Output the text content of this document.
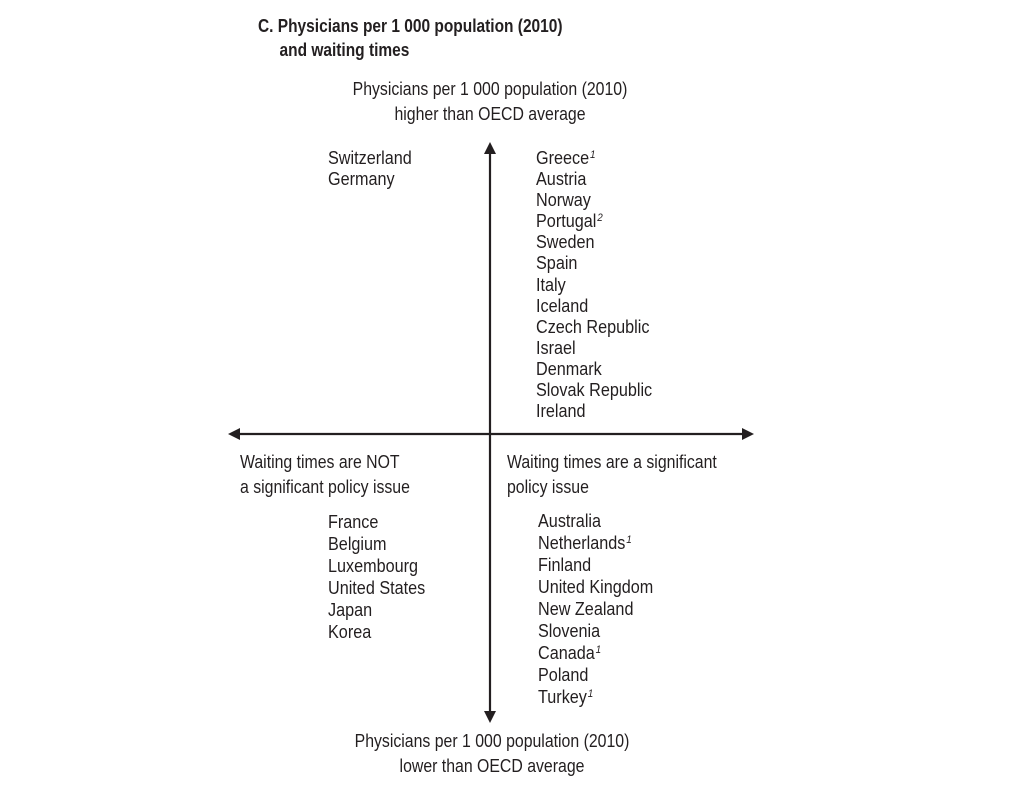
C. Physicians per 1 000 population (2010)
and waiting times
Physicians per 1 000 population (2010)
higher than OECD average
Physicians per 1 000 population (2010)
lower than OECD average
Waiting times are NOT
a significant policy issue
Waiting times are a significant
policy issue
Switzerland
Germany
Greece$^1$
Austria
Norway
Portugal$^2$
Sweden
Spain
Italy
Iceland
Czech Republic
Israel
Denmark
Slovak Republic
Ireland
France
Belgium
Luxembourg
United States
Japan
Korea
Australia
Netherlands$^1$
Finland
United Kingdom
New Zealand
Slovenia
Canada$^1$
Poland
Turkey$^1$
